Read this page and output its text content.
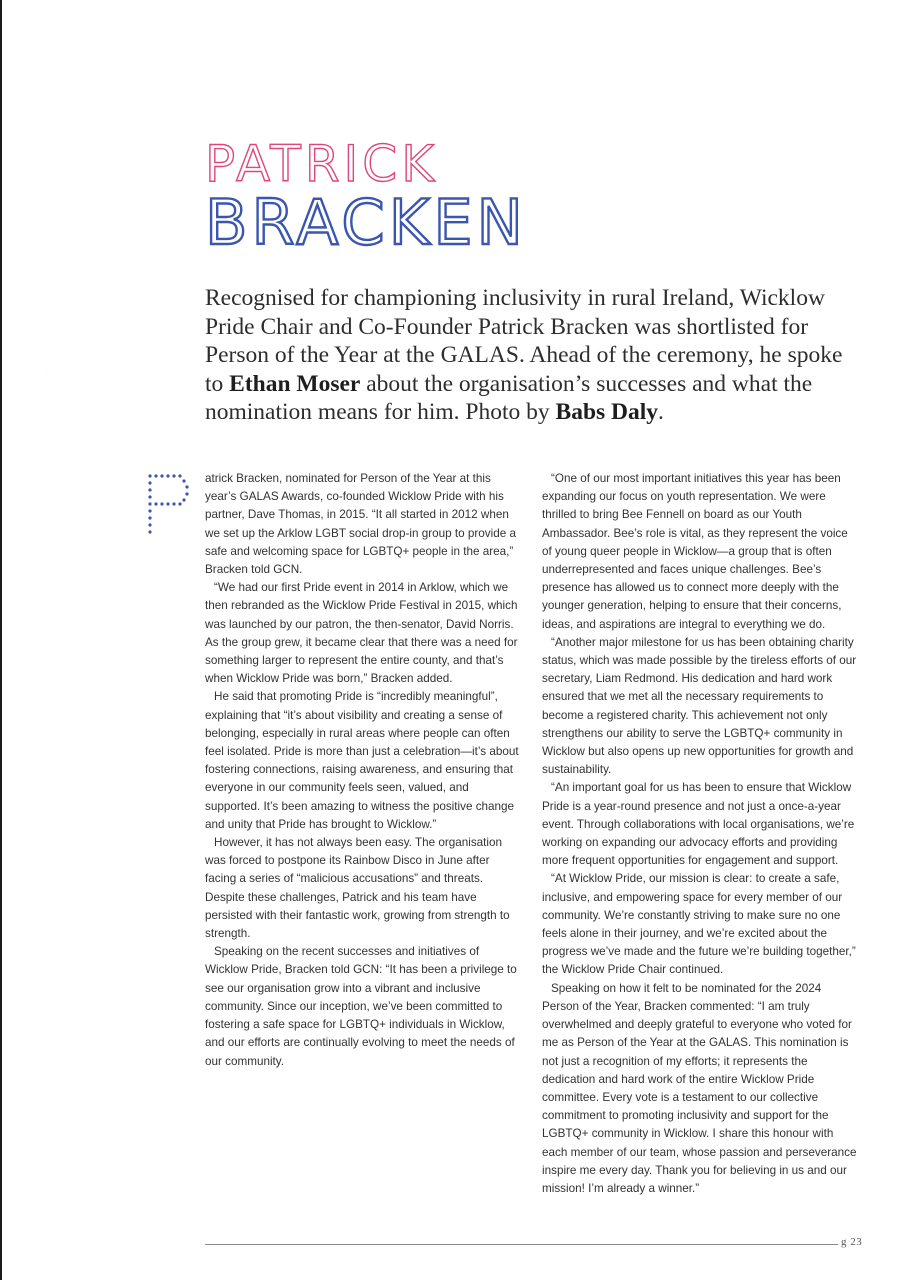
PATRICK
BRACKEN
Recognised for championing inclusivity in rural Ireland, Wicklow Pride Chair and Co-Founder Patrick Bracken was shortlisted for Person of the Year at the GALAS. Ahead of the ceremony, he spoke to Ethan Moser about the organisation’s successes and what the nomination means for him. Photo by Babs Daly.
P

atrick Bracken, nominated for Person of the Year at this year’s GALAS Awards, co-founded Wicklow Pride with his partner, Dave Thomas, in 2015. “It all started in 2012 when we set up the Arklow LGBT social drop-in group to provide a safe and welcoming space for LGBTQ+ people in the area,” Bracken told GCN.

“We had our first Pride event in 2014 in Arklow, which we then rebranded as the Wicklow Pride Festival in 2015, which was launched by our patron, the then-senator, David Norris. As the group grew, it became clear that there was a need for something larger to represent the entire county, and that’s when Wicklow Pride was born,” Bracken added.

He said that promoting Pride is “incredibly meaningful”, explaining that “it’s about visibility and creating a sense of belonging, especially in rural areas where people can often feel isolated. Pride is more than just a celebration—it’s about fostering connections, raising awareness, and ensuring that everyone in our community feels seen, valued, and supported. It’s been amazing to witness the positive change and unity that Pride has brought to Wicklow.”

However, it has not always been easy. The organisation was forced to postpone its Rainbow Disco in June after facing a series of “malicious accusations” and threats. Despite these challenges, Patrick and his team have persisted with their fantastic work, growing from strength to strength.

Speaking on the recent successes and initiatives of Wicklow Pride, Bracken told GCN: “It has been a privilege to see our organisation grow into a vibrant and inclusive community. Since our inception, we’ve been committed to fostering a safe space for LGBTQ+ individuals in Wicklow, and our efforts are continually evolving to meet the needs of our community.

“One of our most important initiatives this year has been expanding our focus on youth representation. We were thrilled to bring Bee Fennell on board as our Youth Ambassador. Bee’s role is vital, as they represent the voice of young queer people in Wicklow—a group that is often underrepresented and faces unique challenges. Bee’s presence has allowed us to connect more deeply with the younger generation, helping to ensure that their concerns, ideas, and aspirations are integral to everything we do.

“Another major milestone for us has been obtaining charity status, which was made possible by the tireless efforts of our secretary, Liam Redmond. His dedication and hard work ensured that we met all the necessary requirements to become a registered charity. This achievement not only strengthens our ability to serve the LGBTQ+ community in Wicklow but also opens up new opportunities for growth and sustainability.

“An important goal for us has been to ensure that Wicklow Pride is a year-round presence and not just a once-a-year event. Through collaborations with local organisations, we’re working on expanding our advocacy efforts and providing more frequent opportunities for engagement and support.

“At Wicklow Pride, our mission is clear: to create a safe, inclusive, and empowering space for every member of our community. We’re constantly striving to make sure no one feels alone in their journey, and we’re excited about the progress we’ve made and the future we’re building together,” the Wicklow Pride Chair continued.

Speaking on how it felt to be nominated for the 2024 Person of the Year, Bracken commented: “I am truly overwhelmed and deeply grateful to everyone who voted for me as Person of the Year at the GALAS. This nomination is not just a recognition of my efforts; it represents the dedication and hard work of the entire Wicklow Pride committee. Every vote is a testament to our collective commitment to promoting inclusivity and support for the LGBTQ+ community in Wicklow. I share this honour with each member of our team, whose passion and perseverance inspire me every day. Thank you for believing in us and our mission! I’m already a winner.”

g 23
